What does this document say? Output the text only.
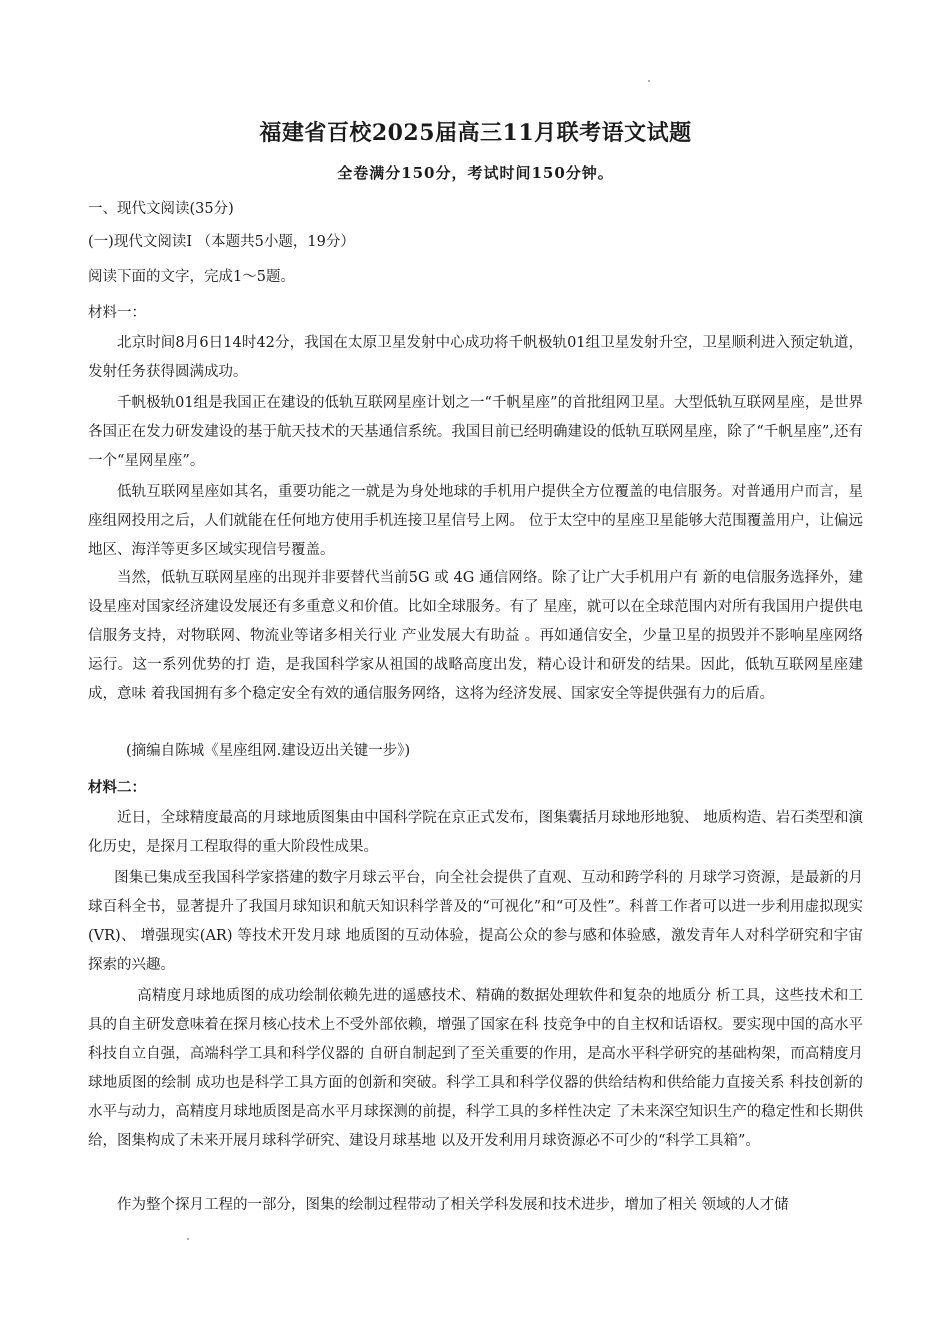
福建省百校2025届高三11月联考语文试题
全卷满分150分，考试时间150分钟。
一、现代文阅读(35分)
(一)现代文阅读Ⅰ （本题共5小题，19分）
阅读下面的文字，完成1～5题。
材料一：
北京时间8月6日14时42分，我国在太原卫星发射中心成功将千帆极轨01组卫星发射升空，卫星顺利进入预定轨道，发射任务获得圆满成功。
千帆极轨01组是我国正在建设的低轨互联网星座计划之一“千帆星座”的首批组网卫星。大型低轨互联网星座，是世界各国正在发力研发建设的基于航天技术的天基通信系统。我国目前已经明确建设的低轨互联网星座，除了“千帆星座”,还有一个“星网星座”。
低轨互联网星座如其名，重要功能之一就是为身处地球的手机用户提供全方位覆盖的电信服务。对普通用户而言，星座组网投用之后，人们就能在任何地方使用手机连接卫星信号上网。 位于太空中的星座卫星能够大范围覆盖用户，让偏远地区、海洋等更多区域实现信号覆盖。
当然，低轨互联网星座的出现并非要替代当前5G 或 4G 通信网络。除了让广大手机用户有 新的电信服务选择外，建设星座对国家经济建设发展还有多重意义和价值。比如全球服务。有了 星座，就可以在全球范围内对所有我国用户提供电信服务支持，对物联网、物流业等诸多相关行业 产业发展大有助益 。再如通信安全，少量卫星的损毁并不影响星座网络运行。这一系列优势的打 造，是我国科学家从祖国的战略高度出发，精心设计和研发的结果。因此，低轨互联网星座建成，意味 着我国拥有多个稳定安全有效的通信服务网络，这将为经济发展、国家安全等提供强有力的后盾。
(摘编自陈城《星座组网.建设迈出关键一步》)
材料二：
近日，全球精度最高的月球地质图集由中国科学院在京正式发布，图集囊括月球地形地貌、 地质构造、岩石类型和演化历史，是探月工程取得的重大阶段性成果。
图集已集成至我国科学家搭建的数字月球云平台，向全社会提供了直观、互动和跨学科的 月球学习资源，是最新的月球百科全书，显著提升了我国月球知识和航天知识科学普及的“可视化”和“可及性”。科普工作者可以进一步利用虚拟现实(VR)、 增强现实(AR) 等技术开发月球 地质图的互动体验，提高公众的参与感和体验感，激发青年人对科学研究和宇宙探索的兴趣。
高精度月球地质图的成功绘制依赖先进的遥感技术、精确的数据处理软件和复杂的地质分 析工具，这些技术和工具的自主研发意味着在探月核心技术上不受外部依赖，增强了国家在科 技竞争中的自主权和话语权。要实现中国的高水平科技自立自强，高端科学工具和科学仪器的 自研自制起到了至关重要的作用，是高水平科学研究的基础构架，而高精度月球地质图的绘制 成功也是科学工具方面的创新和突破。科学工具和科学仪器的供给结构和供给能力直接关系 科技创新的水平与动力，高精度月球地质图是高水平月球探测的前提，科学工具的多样性决定 了未来深空知识生产的稳定性和长期供给，图集构成了未来开展月球科学研究、建设月球基地 以及开发利用月球资源必不可少的“科学工具箱”。
作为整个探月工程的一部分，图集的绘制过程带动了相关学科发展和技术进步，增加了相关 领域的人才储
